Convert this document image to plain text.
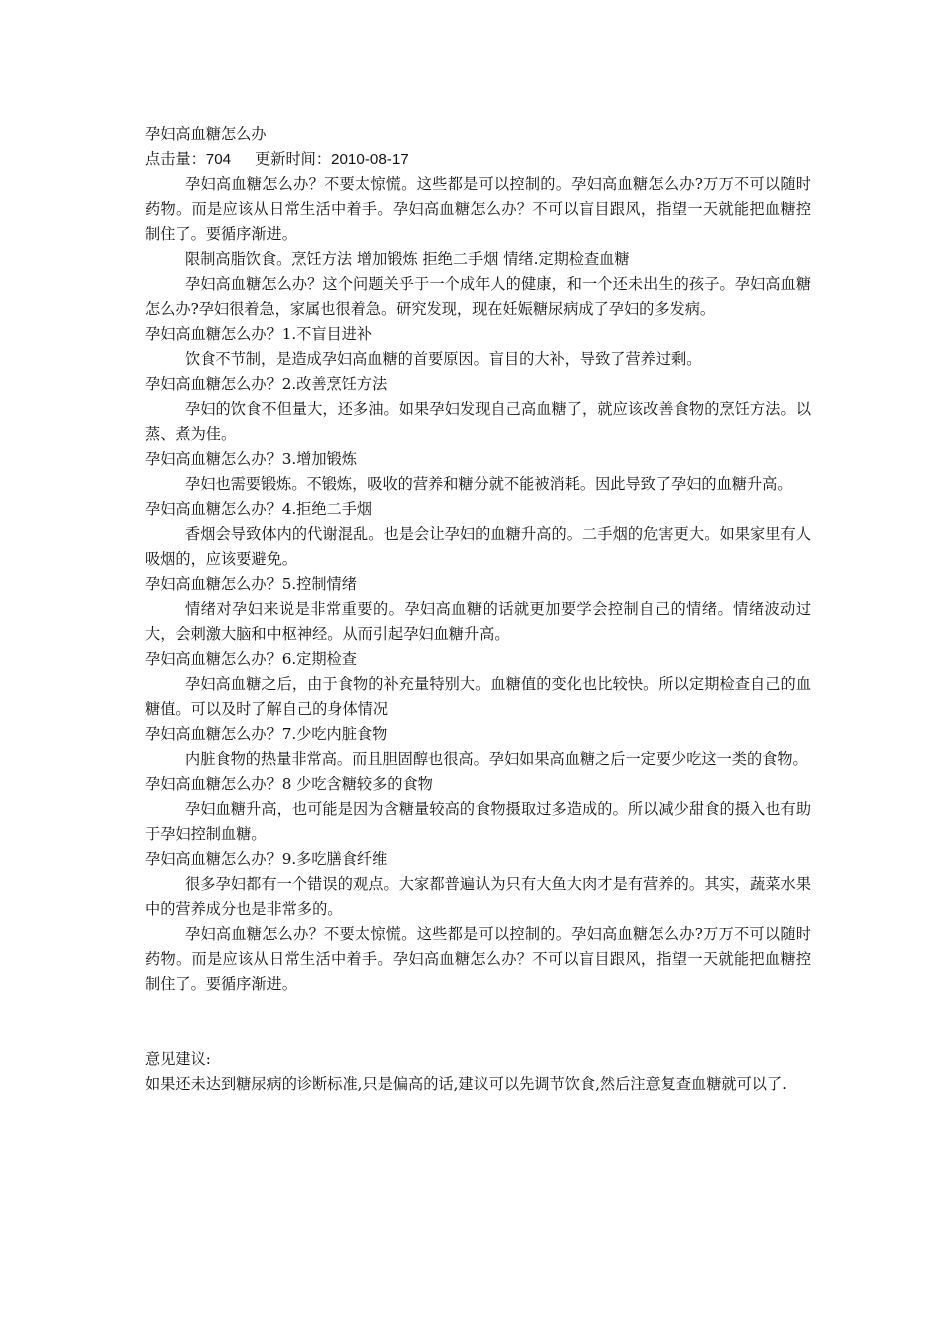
孕妇高血糖怎么办

点击量：704 更新时间：2010-08-17

孕妇高血糖怎么办？不要太惊慌。这些都是可以控制的。孕妇高血糖怎么办?万万不可以随时药物。而是应该从日常生活中着手。孕妇高血糖怎么办？不可以盲目跟风，指望一天就能把血糖控制住了。要循序渐进。

限制高脂饮食。烹饪方法 增加锻炼 拒绝二手烟 情绪.定期检查血糖

孕妇高血糖怎么办？这个问题关乎于一个成年人的健康，和一个还未出生的孩子。孕妇高血糖怎么办?孕妇很着急，家属也很着急。研究发现，现在妊娠糖尿病成了孕妇的多发病。

孕妇高血糖怎么办？1.不盲目进补

饮食不节制，是造成孕妇高血糖的首要原因。盲目的大补，导致了营养过剩。

孕妇高血糖怎么办？2.改善烹饪方法

孕妇的饮食不但量大，还多油。如果孕妇发现自己高血糖了，就应该改善食物的烹饪方法。以蒸、煮为佳。

孕妇高血糖怎么办？3.增加锻炼

孕妇也需要锻炼。不锻炼，吸收的营养和糖分就不能被消耗。因此导致了孕妇的血糖升高。

孕妇高血糖怎么办？4.拒绝二手烟

香烟会导致体内的代谢混乱。也是会让孕妇的血糖升高的。二手烟的危害更大。如果家里有人吸烟的，应该要避免。

孕妇高血糖怎么办？5.控制情绪

情绪对孕妇来说是非常重要的。孕妇高血糖的话就更加要学会控制自己的情绪。情绪波动过大，会刺激大脑和中枢神经。从而引起孕妇血糖升高。

孕妇高血糖怎么办？6.定期检查

孕妇高血糖之后，由于食物的补充量特别大。血糖值的变化也比较快。所以定期检查自己的血糖值。可以及时了解自己的身体情况

孕妇高血糖怎么办？7.少吃内脏食物

内脏食物的热量非常高。而且胆固醇也很高。孕妇如果高血糖之后一定要少吃这一类的食物。

孕妇高血糖怎么办？8 少吃含糖较多的食物

孕妇血糖升高，也可能是因为含糖量较高的食物摄取过多造成的。所以减少甜食的摄入也有助于孕妇控制血糖。

孕妇高血糖怎么办？9.多吃膳食纤维

很多孕妇都有一个错误的观点。大家都普遍认为只有大鱼大肉才是有营养的。其实，蔬菜水果中的营养成分也是非常多的。

孕妇高血糖怎么办？不要太惊慌。这些都是可以控制的。孕妇高血糖怎么办?万万不可以随时药物。而是应该从日常生活中着手。孕妇高血糖怎么办？不可以盲目跟风，指望一天就能把血糖控制住了。要循序渐进。

意见建议:

如果还未达到糖尿病的诊断标准,只是偏高的话,建议可以先调节饮食,然后注意复查血糖就可以了.
